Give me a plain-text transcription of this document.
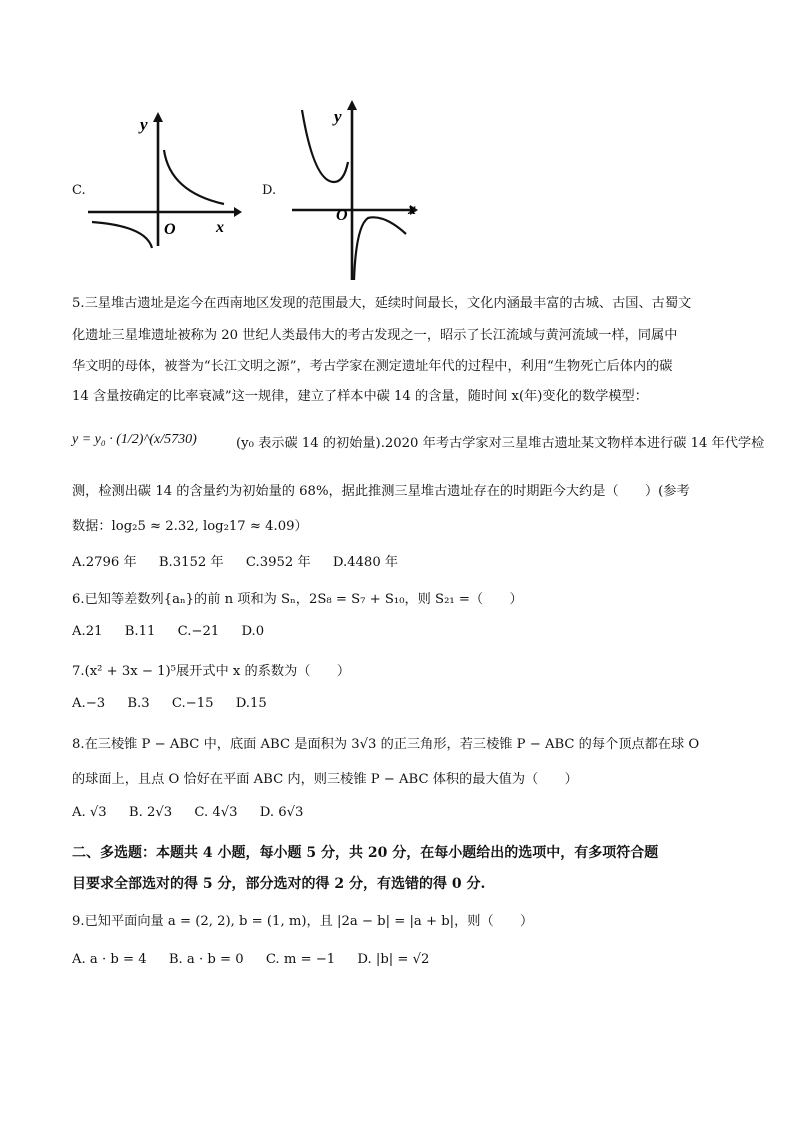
C.
y
O	x
D.
y
O	x
5.三星堆古遗址是迄今在西南地区发现的范围最大，延续时间最长，文化内涵最丰富的古城、古国、古蜀文
化遗址三星堆遗址被称为 20 世纪人类最伟大的考古发现之一，昭示了长江流域与黄河流域一样，同属中
华文明的母体，被誉为“长江文明之源”，考古学家在测定遗址年代的过程中，利用“生物死亡后体内的碳
14 含量按确定的比率衰减”这一规律，建立了样本中碳 14 的含量，随时间 x(年)变化的数学模型：
y = y₀ · (1/2)^(x/5730)	(y₀ 表示碳 14 的初始量).2020 年考古学家对三星堆古遗址某文物样本进行碳 14 年代学检
测，检测出碳 14 的含量约为初始量的 68%，据此推测三星堆古遗址存在的时期距今大约是（　　）(参考
数据：log₂5 ≈ 2.32, log₂17 ≈ 4.09）
A.2796 年 B.3152 年 C.3952 年 D.4480 年
6.已知等差数列{aₙ}的前 n 项和为 Sₙ，2S₈ = S₇ + S₁₀，则 S₂₁ =（　　）
A.21 B.11 C.−21 D.0
7.(x² + 3x − 1)⁵展开式中 x 的系数为（　　）
A.−3 B.3 C.−15 D.15
8.在三棱锥 P − ABC 中，底面 ABC 是面积为 3√3 的正三角形，若三棱锥 P − ABC 的每个顶点都在球 O
的球面上，且点 O 恰好在平面 ABC 内，则三棱锥 P − ABC 体积的最大值为（　　）
A. √3 B. 2√3 C. 4√3 D. 6√3
二、多选题：本题共 4 小题，每小题 5 分，共 20 分，在每小题给出的选项中，有多项符合题
目要求全部选对的得 5 分，部分选对的得 2 分，有选错的得 0 分.
9.已知平面向量 a = (2, 2), b = (1, m)，且 |2a − b| = |a + b|，则（　　）
A. a · b = 4 B. a · b = 0 C. m = −1 D. |b| = √2
